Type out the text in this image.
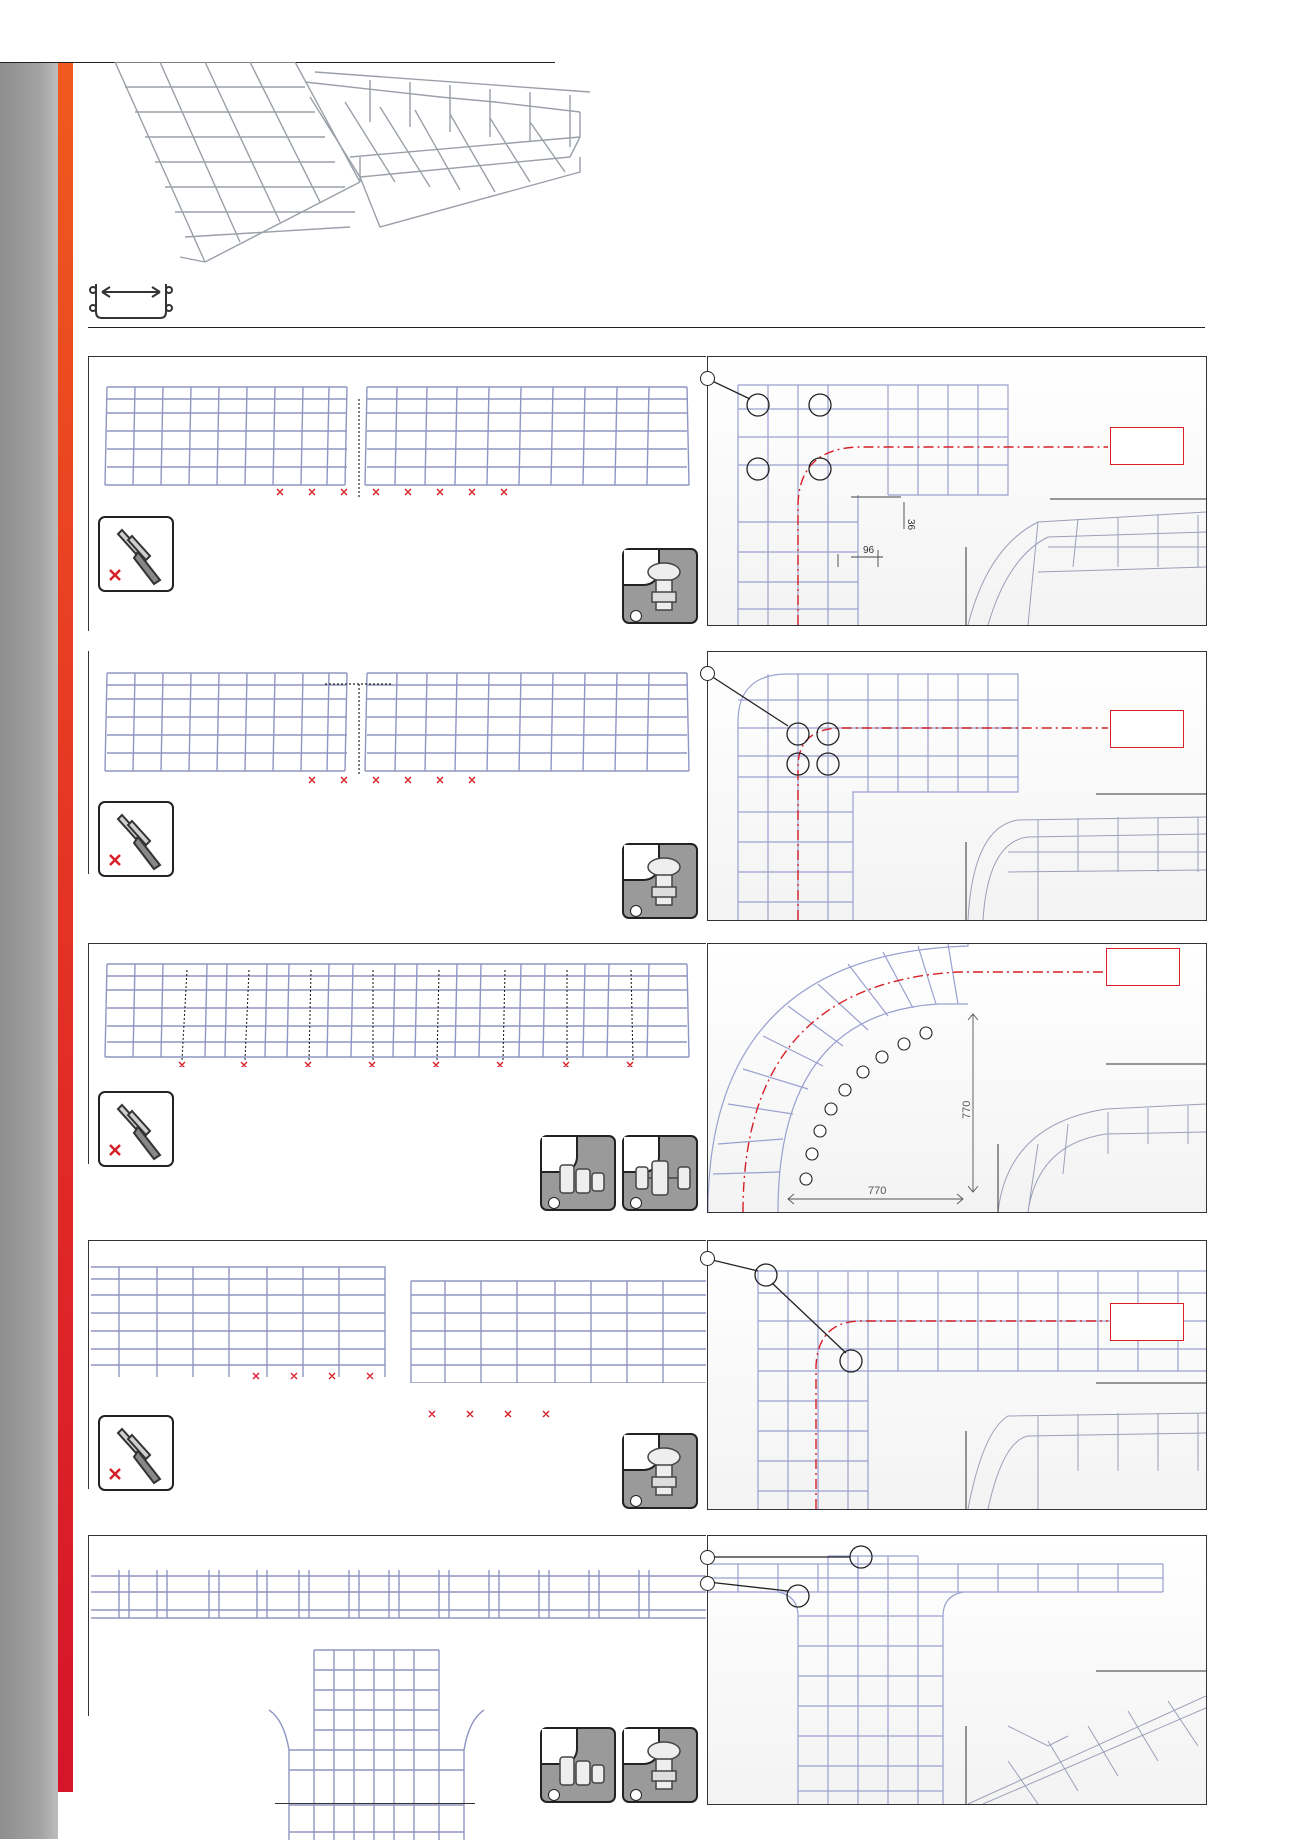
96
36
770
770
